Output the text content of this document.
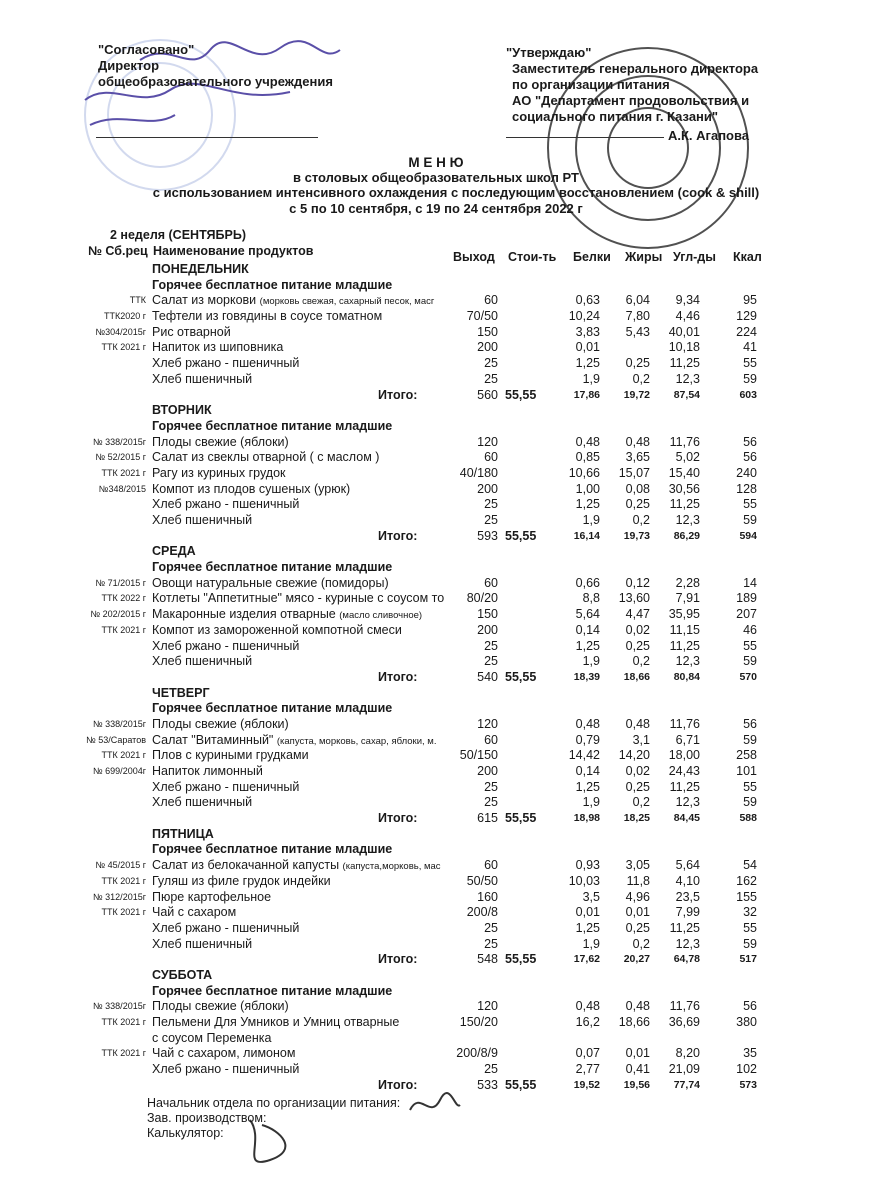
"Согласовано"
Директор
общеобразовательного учреждения
"Утверждаю"
Заместитель генерального директора
по организации питания
АО "Департамент продовольствия и
социального питания г. Казани"
А.К. Агапова
М Е Н Ю
в столовых общеобразовательных школ РТ
с использованием интенсивного охлаждения с последующим восстановлением (cook & shill)
с 5 по 10 сентября, с 19 по 24 сентября 2022 г
2 неделя (СЕНТЯБРЬ)
№ Сб.рец Наименование продуктов	Выход Стои-ть Белки Жиры Угл-ды Ккал
ПОНЕДЕЛЬНИК
Горячее бесплатное питание младшие
ТТК Салат из моркови (морковь свежая, сахарный песок, масг	60	0,63 6,04 9,34	95
ТТК2020 г Тефтели из говядины в соусе томатном	70/50	10,24 7,80 4,46	129
№304/2015г Рис отварной	150	3,83 5,43 40,01	224
ТТК 2021 г Напиток из шиповника	200	0,01	10,18	41
Хлеб ржано - пшеничный	25	1,25 0,25 11,25	55
Хлеб пшеничный	25	1,9	0,2 12,3	59
Итого:	560 55,55	17,86 19,72 87,54	603
ВТОРНИК
Горячее бесплатное питание младшие
№ 338/2015г Плоды свежие (яблоки)	120	0,48 0,48 11,76	56
№ 52/2015 г Салат из свеклы отварной ( с маслом )	60	0,85 3,65 5,02	56
ТТК 2021 г Рагу из куриных грудок	40/180	10,66 15,07 15,40	240
№348/2015 Компот из плодов сушеных (урюк)	200	1,00 0,08 30,56	128
Хлеб ржано - пшеничный	25	1,25 0,25 11,25	55
Хлеб пшеничный	25	1,9	0,2 12,3	59
Итого:	593 55,55	16,14 19,73 86,29	594
СРЕДА
Горячее бесплатное питание младшие
№ 71/2015 г Овощи натуральные свежие (помидоры)	60	0,66 0,12 2,28	14
ТТК 2022 г Котлеты "Аппетитные" мясо - куриные с соусом то 80/20	8,8 13,60 7,91	189
№ 202/2015 г Макаронные изделия отварные (масло сливочное)	150	5,64 4,47 35,95	207
ТТК 2021 г Компот из замороженной компотной смеси	200	0,14 0,02 11,15	46
Хлеб ржано - пшеничный	25	1,25 0,25 11,25	55
Хлеб пшеничный	25	1,9	0,2 12,3	59
Итого:	540 55,55	18,39 18,66 80,84	570
ЧЕТВЕРГ
Горячее бесплатное питание младшие
№ 338/2015г Плоды свежие (яблоки)	120	0,48 0,48 11,76	56
№ 53/Саратов Салат "Витаминный" (капуста, морковь, сахар, яблоки, м.	60	0,79	3,1 6,71	59
ТТК 2021 г Плов с куриными грудками	50/150	14,42 14,20 18,00	258
№ 699/2004г Напиток лимонный	200	0,14 0,02 24,43	101
Хлеб ржано - пшеничный	25	1,25 0,25 11,25	55
Хлеб пшеничный	25	1,9	0,2 12,3	59
Итого:	615 55,55	18,98 18,25 84,45	588
ПЯТНИЦА
Горячее бесплатное питание младшие
№ 45/2015 г Салат из белокачанной капусты (капуста,морковь, мас	60	0,93 3,05 5,64	54
ТТК 2021 г Гуляш из филе грудок индейки	50/50	10,03 11,8 4,10	162
№ 312/2015г Пюре картофельное	160	3,5 4,96 23,5	155
ТТК 2021 г Чай с сахаром	200/8	0,01 0,01 7,99	32
Хлеб ржано - пшеничный	25	1,25 0,25 11,25	55
Хлеб пшеничный	25	1,9	0,2 12,3	59
Итого:	548 55,55	17,62 20,27 64,78	517
СУББОТА
Горячее бесплатное питание младшие
№ 338/2015г Плоды свежие (яблоки)	120	0,48 0,48 11,76	56
ТТК 2021 г Пельмени Для Умников и Умниц отварные	150/20	16,2 18,66 36,69	380
с соусом Переменка
ТТК 2021 г Чай с сахаром, лимоном	200/8/9	0,07 0,01 8,20	35
Хлеб ржано - пшеничный	25	2,77 0,41 21,09	102
Итого:	533 55,55	19,52 19,56 77,74	573
Начальник отдела по организации питания:
Зав. производством:
Калькулятор:
